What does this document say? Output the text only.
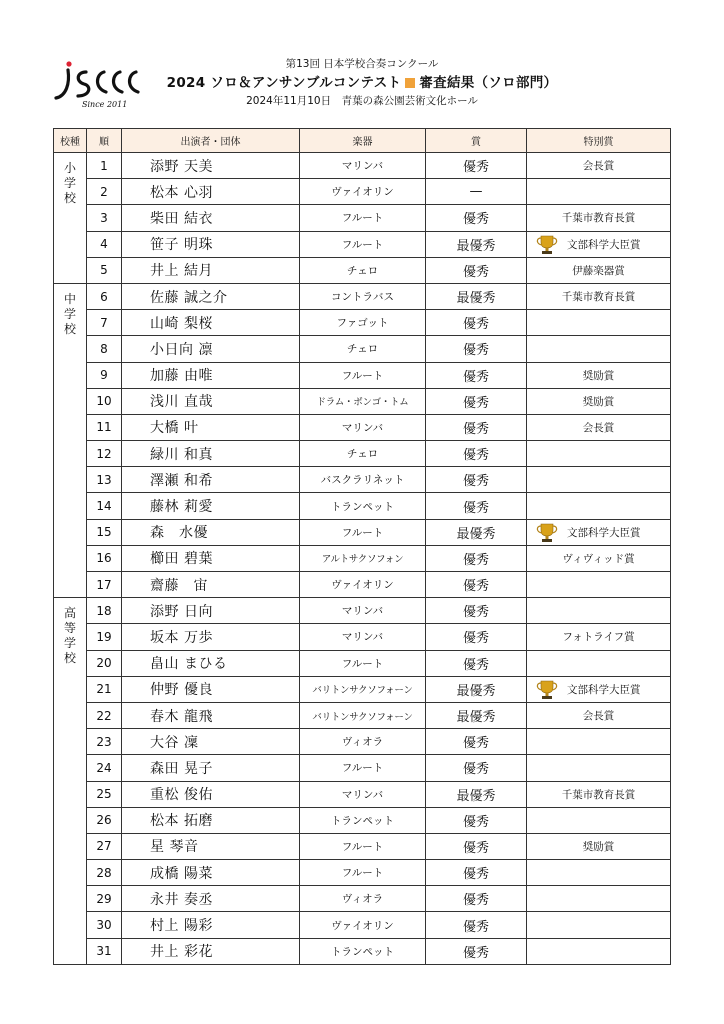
Since 2011
第13回 日本学校合奏コンクール
2024 ソロ＆アンサンブルコンテスト 審査結果（ソロ部門）
2024年11月10日　青葉の森公園芸術文化ホール
校種	順	出演者・団体	楽器	賞	特別賞

小
学
校	1	添野 天美	マリンバ	優秀	会長賞
	2	松本 心羽	ヴァイオリン	—	
	3	柴田 結衣	フルート	優秀	千葉市教育長賞
	4	笹子 明珠	フルート	最優秀	文部科学大臣賞
	5	井上 結月	チェロ	優秀	伊藤楽器賞

中
学
校	6	佐藤 誠之介	コントラバス	最優秀	千葉市教育長賞
	7	山崎 梨桜	ファゴット	優秀	
	8	小日向 凛	チェロ	優秀	
	9	加藤 由唯	フルート	優秀	奨励賞
	10	浅川 直哉	ドラム・ボンゴ・トム	優秀	奨励賞
	11	大橋 叶	マリンバ	優秀	会長賞
	12	緑川 和真	チェロ	優秀	
	13	澤瀬 和希	バスクラリネット	優秀	
	14	藤林 莉愛	トランペット	優秀	
	15	森　水優	フルート	最優秀	文部科学大臣賞
	16	櫛田 碧葉	アルトサクソフォン	優秀	ヴィヴィッド賞
	17	齋藤　宙	ヴァイオリン	優秀	

高
等
学
校	18	添野 日向	マリンバ	優秀	
	19	坂本 万歩	マリンバ	優秀	フォトライフ賞
	20	畠山 まひる	フルート	優秀	
	21	仲野 優良	バリトンサクソフォーン	最優秀	文部科学大臣賞
	22	春木 龍飛	バリトンサクソフォーン	最優秀	会長賞
	23	大谷 凜	ヴィオラ	優秀	
	24	森田 晃子	フルート	優秀	
	25	重松 俊佑	マリンバ	最優秀	千葉市教育長賞
	26	松本 拓磨	トランペット	優秀	
	27	星 琴音	フルート	優秀	奨励賞
	28	成橋 陽菜	フルート	優秀	
	29	永井 奏丞	ヴィオラ	優秀	
	30	村上 陽彩	ヴァイオリン	優秀	
	31	井上 彩花	トランペット	優秀	
